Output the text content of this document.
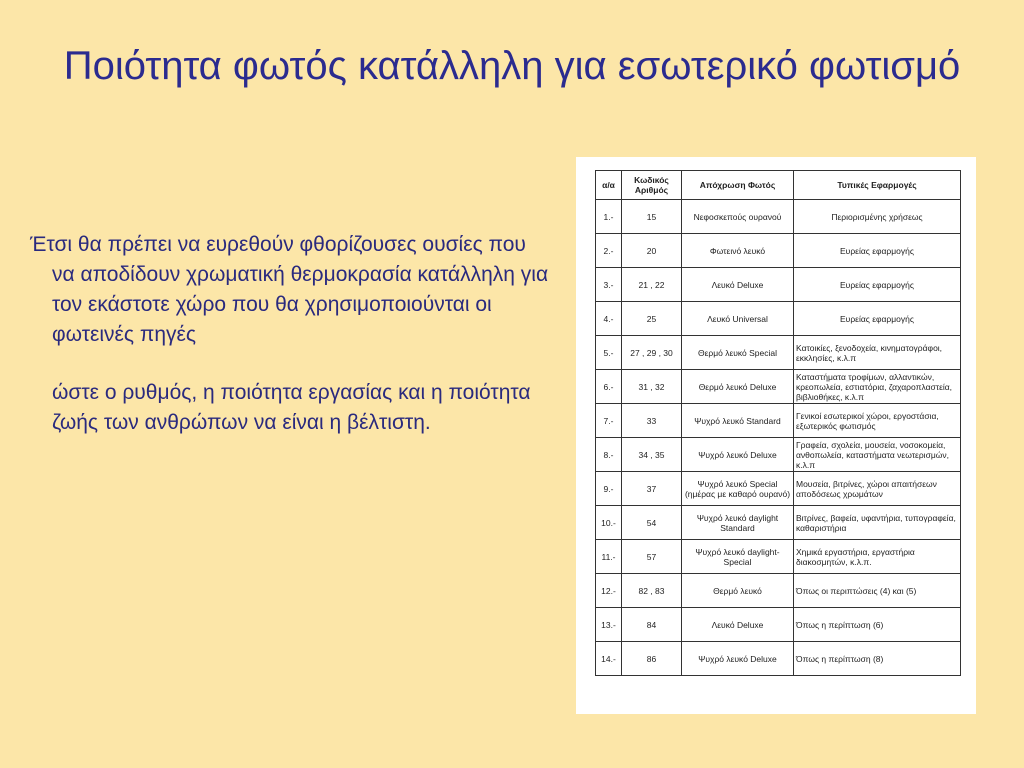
Ποιότητα φωτός κατάλληλη για εσωτερικό φωτισμό

Έτσι θα πρέπει να ευρεθούν φθορίζουσες ουσίες που να αποδίδουν χρωματική θερμοκρασία κατάλληλη για τον εκάστοτε χώρο που θα χρησιμοποιούνται οι φωτεινές πηγές

ώστε ο ρυθμός, η ποιότητα εργασίας και η ποιότητα ζωής των ανθρώπων να είναι η βέλτιστη.

α/α	Κωδικός Αριθμός	Απόχρωση Φωτός	Τυπικές Εφαρμογές
1.-	15	Νεφοσκεπούς ουρανού	Περιορισμένης χρήσεως
2.-	20	Φωτεινό λευκό	Ευρείας εφαρμογής
3.-	21 , 22	Λευκό Deluxe	Ευρείας εφαρμογής
4.-	25	Λευκό Universal	Ευρείας εφαρμογής
5.-	27 , 29 , 30	Θερμό λευκό Special	Κατοικίες, ξενοδοχεία, κινηματογράφοι, εκκλησίες, κ.λ.π
6.-	31 , 32	Θερμό λευκό Deluxe	Καταστήματα τροφίμων, αλλαντικών, κρεοπωλεία, εστιατόρια, ζαχαροπλαστεία, βιβλιοθήκες, κ.λ.π
7.-	33	Ψυχρό λευκό Standard	Γενικοί εσωτερικοί χώροι, εργοστάσια, εξωτερικός φωτισμός
8.-	34 , 35	Ψυχρό λευκό Deluxe	Γραφεία, σχολεία, μουσεία, νοσοκομεία, ανθοπωλεία, καταστήματα νεωτερισμών, κ.λ.π
9.-	37	Ψυχρό λευκό Special (ημέρας με καθαρό ουρανό)	Μουσεία, βιτρίνες, χώροι απαιτήσεων αποδόσεως χρωμάτων
10.-	54	Ψυχρό λευκό daylight Standard	Βιτρίνες, βαφεία, υφαντήρια, τυπογραφεία, καθαριστήρια
11.-	57	Ψυχρό λευκό daylight- Special	Χημικά εργαστήρια, εργαστήρια διακοσμητών, κ.λ.π.
12.-	82 , 83	Θερμό λευκό	Όπως οι περιπτώσεις (4) και (5)
13.-	84	Λευκό Deluxe	Όπως η περίπτωση (6)
14.-	86	Ψυχρό λευκό Deluxe	Όπως η περίπτωση (8)
